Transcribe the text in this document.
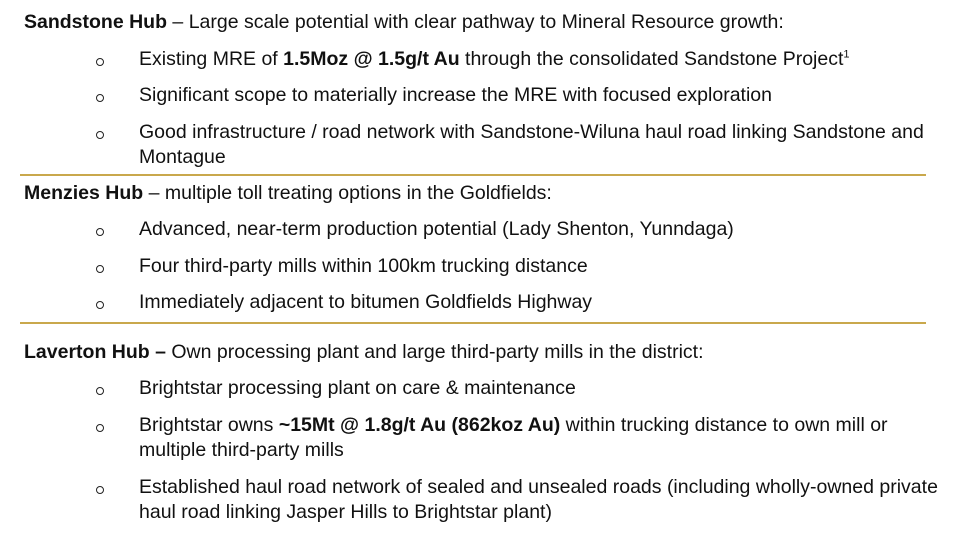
Sandstone Hub – Large scale potential with clear pathway to Mineral Resource growth:
Existing MRE of 1.5Moz @ 1.5g/t Au through the consolidated Sandstone Project$^1$
Significant scope to materially increase the MRE with focused exploration
Good infrastructure / road network with Sandstone-Wiluna haul road linking Sandstone and Montague
Menzies Hub – multiple toll treating options in the Goldfields:
Advanced, near-term production potential (Lady Shenton, Yunndaga)
Four third-party mills within 100km trucking distance
Immediately adjacent to bitumen Goldfields Highway
Laverton Hub – Own processing plant and large third-party mills in the district:
Brightstar processing plant on care & maintenance
Brightstar owns ~15Mt @ 1.8g/t Au (862koz Au) within trucking distance to own mill or multiple third-party mills
Established haul road network of sealed and unsealed roads (including wholly-owned private haul road linking Jasper Hills to Brightstar plant)
